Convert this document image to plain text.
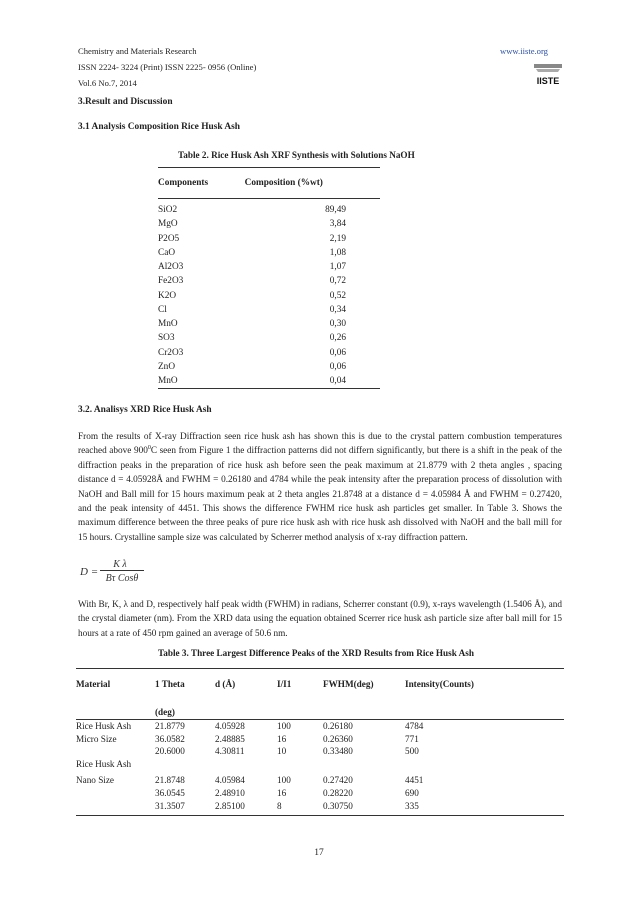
Chemistry and Materials Research	www.iiste.org
ISSN 2224- 3224 (Print) ISSN 2225- 0956 (Online)
Vol.6 No.7, 2014	IISTE
3.Result and Discussion
3.1 Analysis Composition Rice Husk Ash
Table 2. Rice Husk Ash XRF Synthesis with Solutions NaOH
Components	Composition (%wt)
SiO2	89,49
MgO	3,84
P2O5	2,19
CaO	1,08
Al2O3	1,07
Fe2O3	0,72
K2O	0,52
Cl	0,34
MnO	0,30
SO3	0,26
Cr2O3	0,06
ZnO	0,06
MnO	0,04
3.2. Analisys XRD Rice Husk Ash
From the results of X-ray Diffraction seen rice husk ash has shown this is due to the crystal pattern combustion temperatures reached above $900^0C$ seen from Figure 1 the diffraction patterns did not differn significantly, but there is a shift in the peak of the diffraction peaks in the preparation of rice husk ash before seen the peak maximum at 21.8779 with 2 theta angles , spacing distance d = 4.05928Å and FWHM = 0.26180 and 4784 while the peak intensity after the preparation process of dissolution with NaOH and Ball mill for 15 hours maximum peak at 2 theta angles 21.8748 at a distance d = 4.05984 Å and FWHM = 0.27420, and the peak intensity of 4451. This shows the difference FWHM rice husk ash particles get smaller. In Table 3. Shows the maximum difference between the three peaks of pure rice husk ash with rice husk ash dissolved with NaOH and the ball mill for 15 hours. Crystalline sample size was calculated by Scherrer method analysis of x-ray diffraction pattern.
D =
K λ
Bτ Cosθ
With Br, K, λ and D, respectively half peak width (FWHM) in radians, Scherrer constant (0.9), x-rays wavelength (1.5406 Å), and the crystal diameter (nm). From the XRD data using the equation obtained Scerrer rice husk ash particle size after ball mill for 15 hours at a rate of 450 rpm gained an average of 50.6 nm.
Table 3. Three Largest Difference Peaks of the XRD Results from Rice Husk Ash
Material	1 Theta	d (Å)	I/I1	FWHM(deg)	Intensity(Counts)
	(deg)				
Rice Husk Ash	21.8779	4.05928	100	0.26180	4784
Micro Size	36.0582	2.48885	16	0.26360	771
	20.6000	4.30811	10	0.33480	500
Rice Husk Ash					
Nano Size	21.8748	4.05984	100	0.27420	4451
	36.0545	2.48910	16	0.28220	690
	31.3507	2.85100	8	0.30750	335
17
